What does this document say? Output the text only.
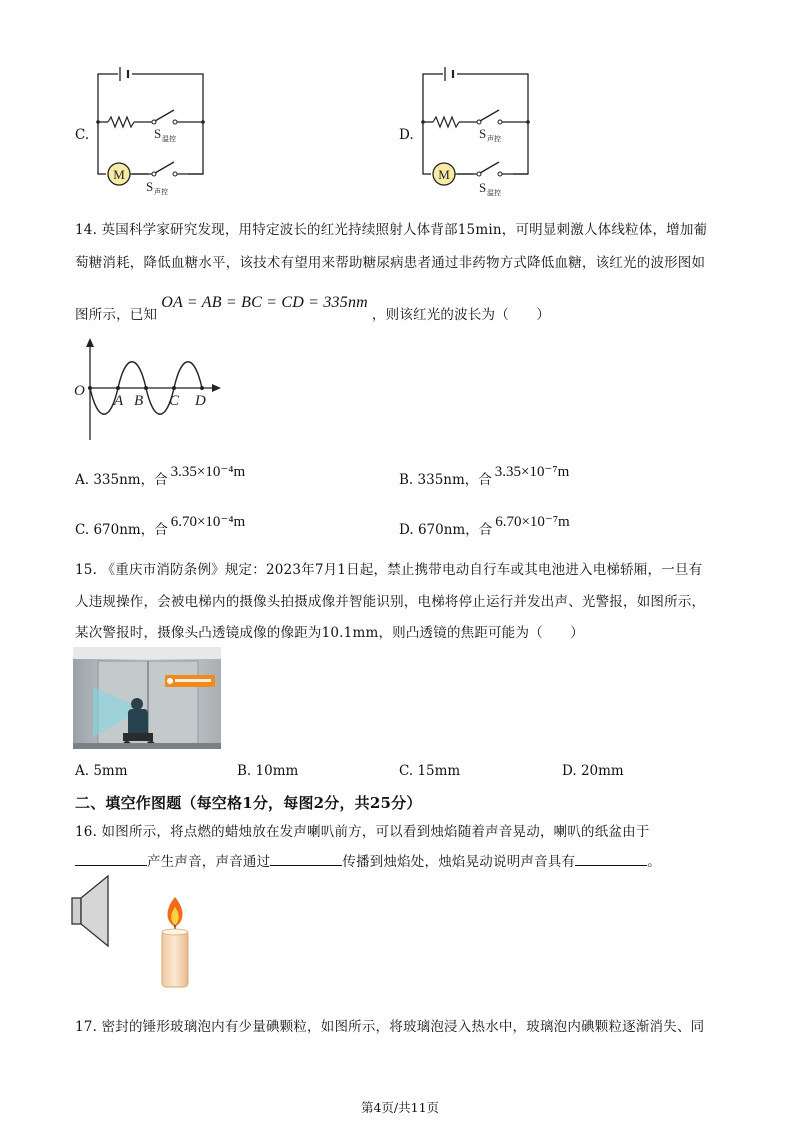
C.
M
S 温控
S 声控
D.
M
S 声控
S 温控
14. 英国科学家研究发现，用特定波长的红光持续照射人体背部15min，可明显刺激人体线粒体，增加葡
萄糖消耗，降低血糖水平，该技术有望用来帮助糖尿病患者通过非药物方式降低血糖，该红光的波形图如
图所示，已知OA = AB = BC = CD = 335nm，则该红光的波长为（　　）
O
A B C D
A. 335nm，合 3.35×10⁻⁴m	B. 335nm，合 3.35×10⁻⁷m
C. 670nm，合 6.70×10⁻⁴m	D. 670nm，合 6.70×10⁻⁷m
15. 《重庆市消防条例》规定：2023年7月1日起，禁止携带电动自行车或其电池进入电梯轿厢，一旦有
人违规操作，会被电梯内的摄像头拍摄成像并智能识别，电梯将停止运行并发出声、光警报，如图所示，
某次警报时，摄像头凸透镜成像的像距为10.1mm，则凸透镜的焦距可能为（　　）
A. 5mm	B. 10mm	C. 15mm	D. 20mm
二、填空作图题（每空格1分，每图2分，共25分）
16. 如图所示，将点燃的蜡烛放在发声喇叭前方，可以看到烛焰随着声音晃动，喇叭的纸盆由于
产生声音，声音通过	传播到烛焰处，烛焰晃动说明声音具有	。
17. 密封的锤形玻璃泡内有少量碘颗粒，如图所示，将玻璃泡浸入热水中，玻璃泡内碘颗粒逐渐消失、同
第4页/共11页
